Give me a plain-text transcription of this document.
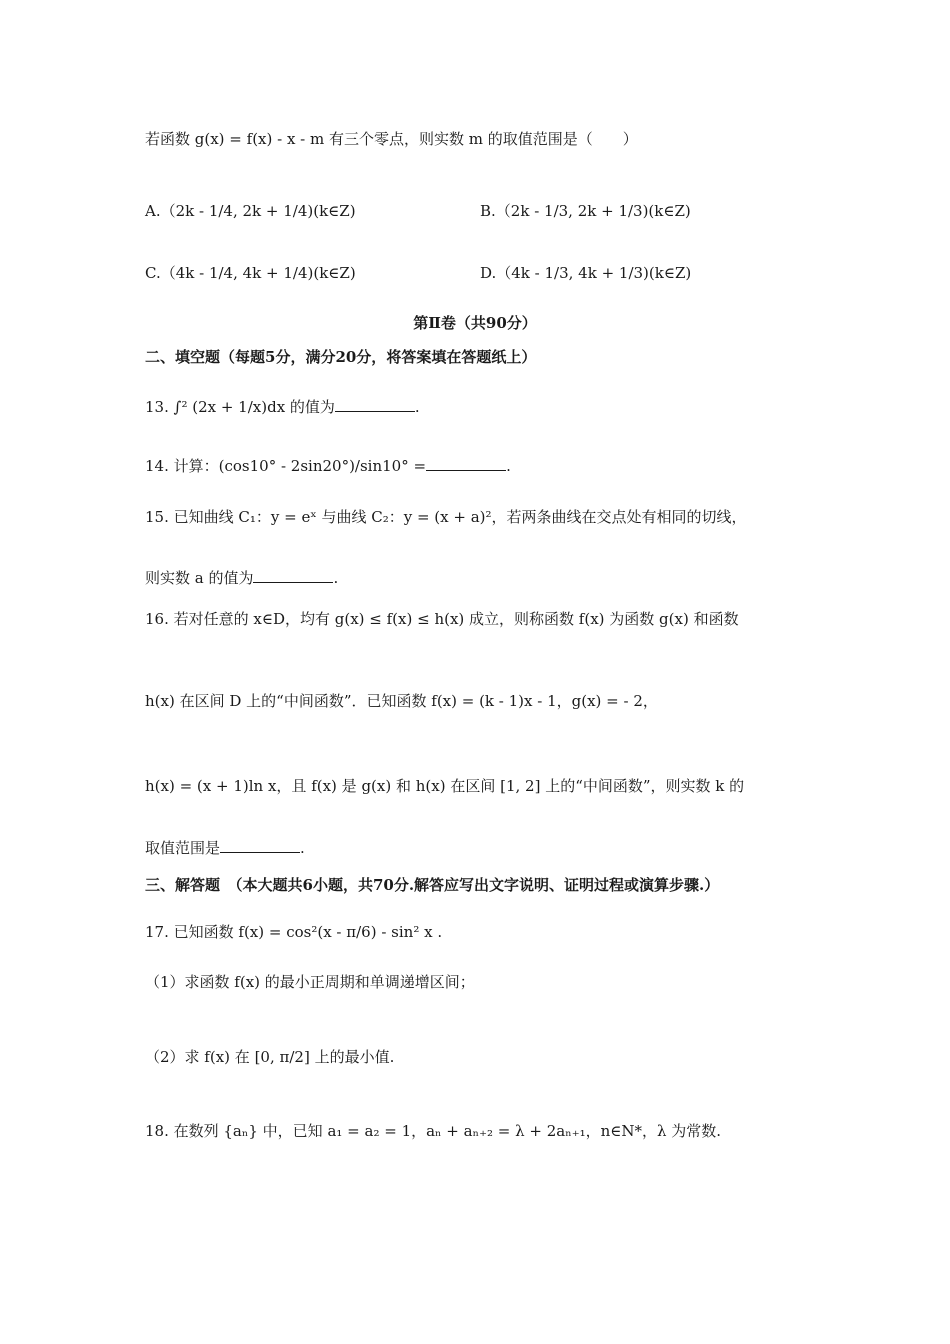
若函数 g(x) = f(x) - x - m 有三个零点，则实数 m 的取值范围是（　　）
A.（2k - 1/4, 2k + 1/4)(k∈Z)	B.（2k - 1/3, 2k + 1/3)(k∈Z)
C.（4k - 1/4, 4k + 1/4)(k∈Z)	D.（4k - 1/3, 4k + 1/3)(k∈Z)
第Ⅱ卷（共90分）
二、填空题（每题5分，满分20分，将答案填在答题纸上）
13. ∫² (2x + 1/x)dx 的值为	.
14. 计算：(cos10° - 2sin20°)/sin10° =	.
15. 已知曲线 C₁：y = eˣ 与曲线 C₂：y = (x + a)²，若两条曲线在交点处有相同的切线，
则实数 a 的值为	.
16. 若对任意的 x∈D，均有 g(x) ≤ f(x) ≤ h(x) 成立，则称函数 f(x) 为函数 g(x) 和函数
h(x) 在区间 D 上的“中间函数”．已知函数 f(x) = (k - 1)x - 1，g(x) = - 2，
h(x) = (x + 1)ln x，且 f(x) 是 g(x) 和 h(x) 在区间 [1, 2] 上的“中间函数”，则实数 k 的
取值范围是	.
三、解答题　（本大题共6小题，共70分.解答应写出文字说明、证明过程或演算步骤.）
17. 已知函数 f(x) = cos²(x - π/6) - sin² x .
（1）求函数 f(x) 的最小正周期和单调递增区间；
（2）求 f(x) 在 [0, π/2] 上的最小值.
18. 在数列 {aₙ} 中，已知 a₁ = a₂ = 1，aₙ + aₙ₊₂ = λ + 2aₙ₊₁，n∈N*，λ 为常数.
